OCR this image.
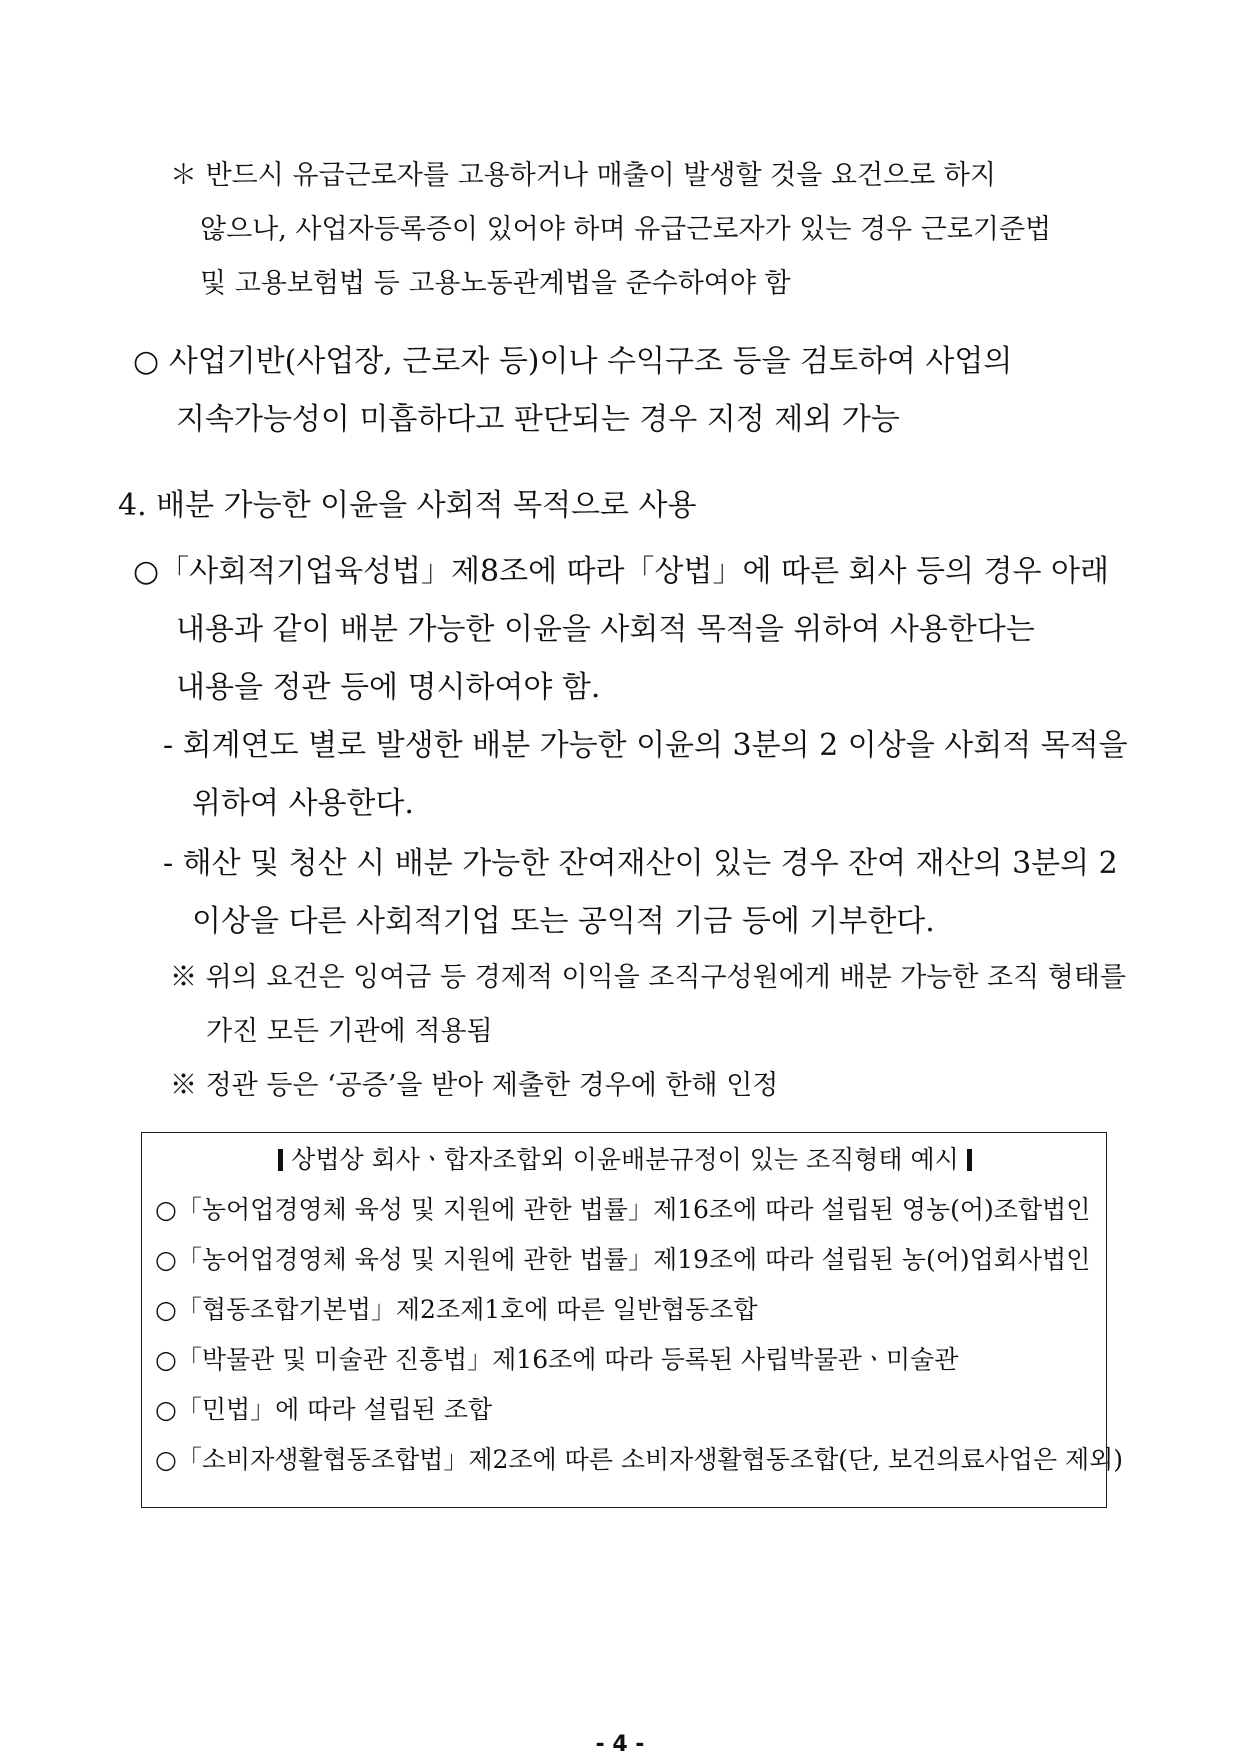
＊ 반드시 유급근로자를 고용하거나 매출이 발생할 것을 요건으로 하지
않으나, 사업자등록증이 있어야 하며 유급근로자가 있는 경우 근로기준법
및 고용보험법 등 고용노동관계법을 준수하여야 함
○ 사업기반(사업장, 근로자 등)이나 수익구조 등을 검토하여 사업의
지속가능성이 미흡하다고 판단되는 경우 지정 제외 가능
4. 배분 가능한 이윤을 사회적 목적으로 사용
○「사회적기업육성법」제8조에 따라「상법」에 따른 회사 등의 경우 아래
내용과 같이 배분 가능한 이윤을 사회적 목적을 위하여 사용한다는
내용을 정관 등에 명시하여야 함.
- 회계연도 별로 발생한 배분 가능한 이윤의 3분의 2 이상을 사회적 목적을
위하여 사용한다.
- 해산 및 청산 시 배분 가능한 잔여재산이 있는 경우 잔여 재산의 3분의 2
이상을 다른 사회적기업 또는 공익적 기금 등에 기부한다.
※ 위의 요건은 잉여금 등 경제적 이익을 조직구성원에게 배분 가능한 조직 형태를
가진 모든 기관에 적용됨
※ 정관 등은 ‘공증’을 받아 제출한 경우에 한해 인정
상법상 회사ㆍ합자조합외 이윤배분규정이 있는 조직형태 예시
○「농어업경영체 육성 및 지원에 관한 법률」제16조에 따라 설립된 영농(어)조합법인
○「농어업경영체 육성 및 지원에 관한 법률」제19조에 따라 설립된 농(어)업회사법인
○「협동조합기본법」제2조제1호에 따른 일반협동조합
○「박물관 및 미술관 진흥법」제16조에 따라 등록된 사립박물관ㆍ미술관
○「민법」에 따라 설립된 조합
○「소비자생활협동조합법」제2조에 따른 소비자생활협동조합(단, 보건의료사업은 제외)
- 4 -
